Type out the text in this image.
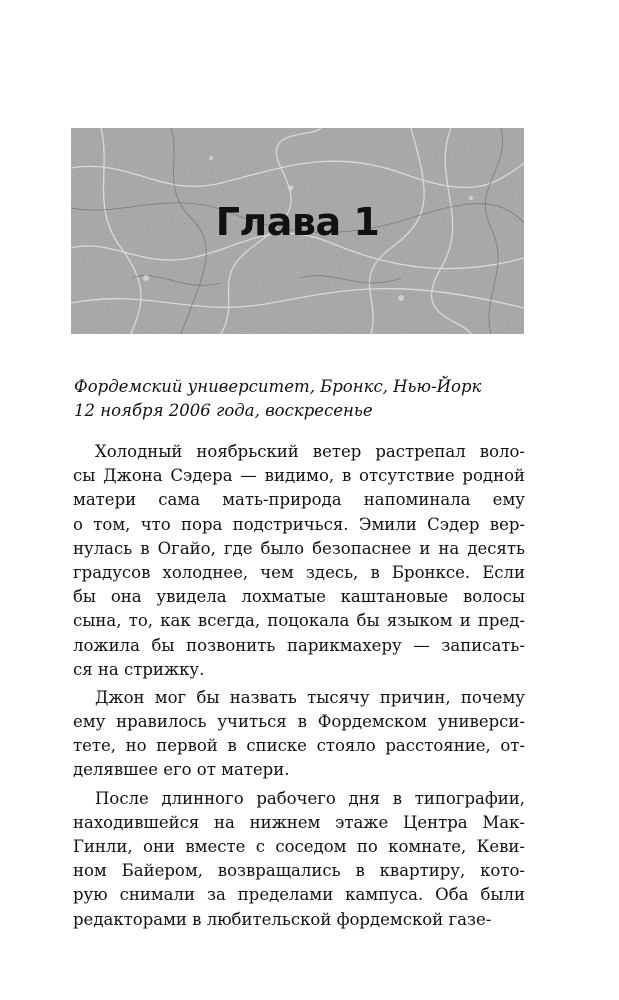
Глава 1
Фордемский университет, Бронкс, Нью-Йорк
12 ноября 2006 года, воскресенье
Холодный ноябрьский ветер растрепал воло-
сы Джона Сэдера — видимо, в отсутствие родной
матери сама мать-природа напоминала ему
о том, что пора подстричься. Эмили Сэдер вер-
нулась в Огайо, где было безопаснее и на десять
градусов холоднее, чем здесь, в Бронксе. Если
бы она увидела лохматые каштановые волосы
сына, то, как всегда, поцокала бы языком и пред-
ложила бы позвонить парикмахеру — записать-
ся на стрижку.
Джон мог бы назвать тысячу причин, почему
ему нравилось учиться в Фордемском универси-
тете, но первой в списке стояло расстояние, от-
делявшее его от матери.
После длинного рабочего дня в типографии,
находившейся на нижнем этаже Центра Мак-
Гинли, они вместе с соседом по комнате, Кеви-
ном Байером, возвращались в квартиру, кото-
рую снимали за пределами кампуса. Оба были
редакторами в любительской фордемской газе-
